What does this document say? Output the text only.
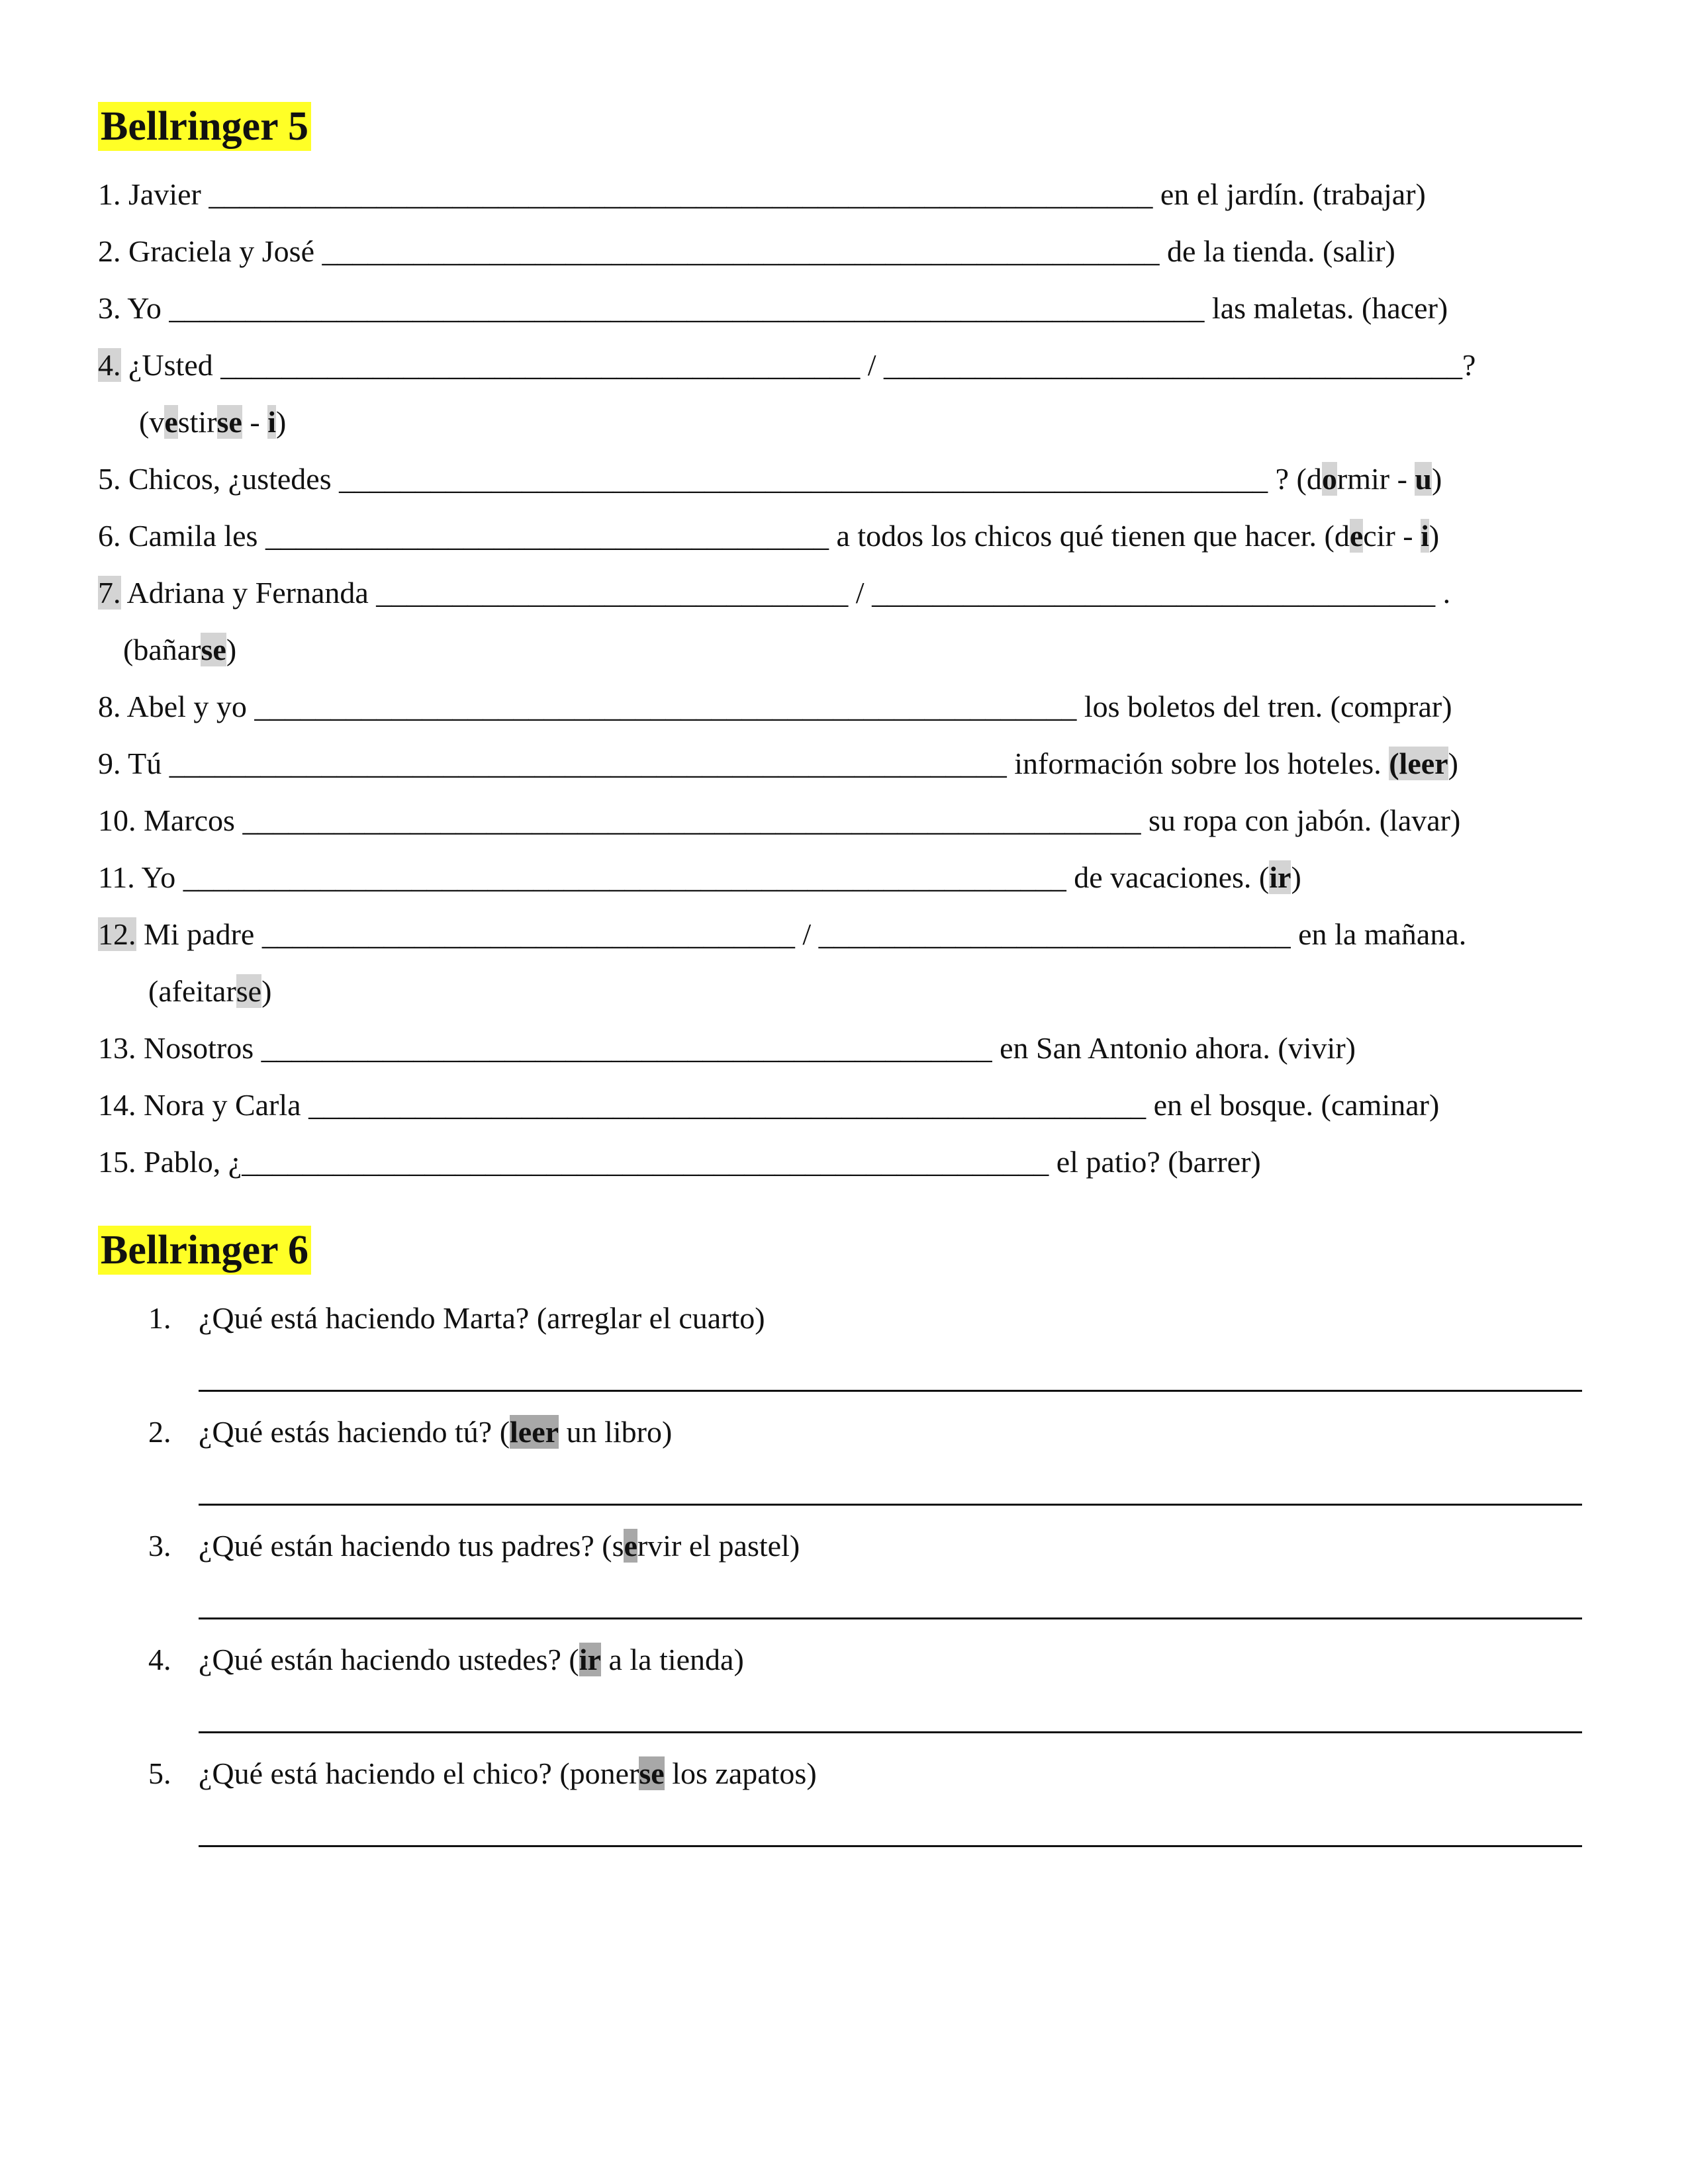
Bellringer 5
1. Javier ______________________________________________________________ en el jardín. (trabajar)
2. Graciela y José _______________________________________________________ de la tienda. (salir)
3. Yo ____________________________________________________________________ las maletas. (hacer)
4. ¿Usted __________________________________________ / ______________________________________?
(vestirse - i)
5. Chicos, ¿ustedes _____________________________________________________________ ? (dormir - u)
6. Camila les _____________________________________ a todos los chicos qué tienen que hacer. (decir - i)
7. Adriana y Fernanda _______________________________ / _____________________________________ .
(bañarse)
8. Abel y yo ______________________________________________________ los boletos del tren. (comprar)
9. Tú _______________________________________________________ información sobre los hoteles. (leer)
10. Marcos ___________________________________________________________ su ropa con jabón. (lavar)
11. Yo __________________________________________________________ de vacaciones. (ir)
12. Mi padre ___________________________________ / _______________________________ en la mañana.
(afeitarse)
13. Nosotros ________________________________________________ en San Antonio ahora. (vivir)
14. Nora y Carla _______________________________________________________ en el bosque. (caminar)
15. Pablo, ¿_____________________________________________________ el patio? (barrer)
Bellringer 6
1. ¿Qué está haciendo Marta? (arreglar el cuarto)
2. ¿Qué estás haciendo tú? (leer un libro)
3. ¿Qué están haciendo tus padres? (servir el pastel)
4. ¿Qué están haciendo ustedes? (ir a la tienda)
5. ¿Qué está haciendo el chico? (ponerse los zapatos)
